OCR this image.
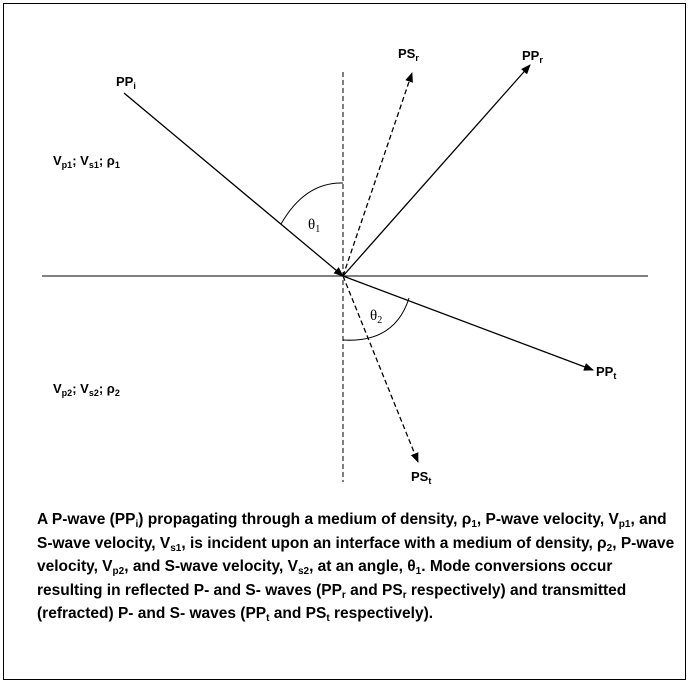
$PP_i$
$PS_r$	$PP_r$
$PP_t$
$PS_t$
$V_{p1}$; $V_{s1}$; $\rho_1$
$V_{p2}$; $V_{s2}$; $\rho_2$
$\theta_1$
$\theta_2$
A P-wave $(PP_i)$ propagating through a medium of density, $\rho_1$, P-wave velocity, $V_{p1}$, and S-wave velocity, $V_{s1}$, is incident upon an interface with a medium of density, $\rho_2$, P-wave velocity, $V_{p2}$, and S-wave velocity, $V_{s2}$, at an angle, $\theta_1$. Mode conversions occur resulting in reflected P- and S- waves ($PP_r$ and $PS_r$ respectively) and transmitted (refracted) P- and S- waves ($PP_t$ and $PS_t$ respectively).
